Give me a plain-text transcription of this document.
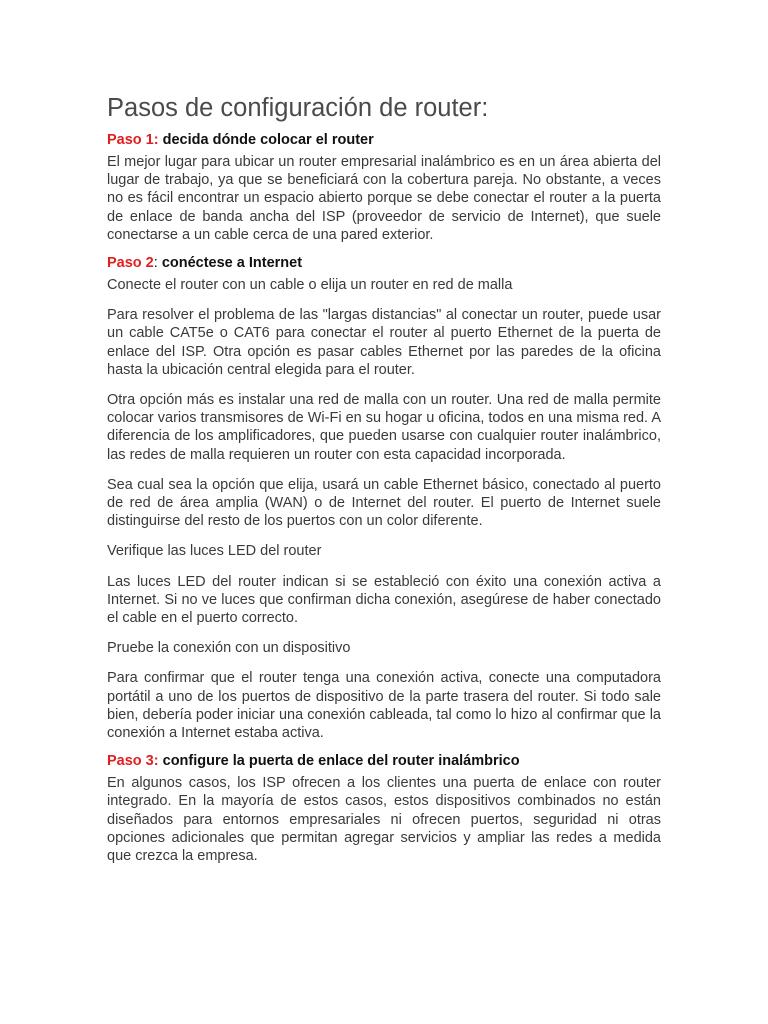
Pasos de configuración de router:
Paso 1: decida dónde colocar el router

El mejor lugar para ubicar un router empresarial inalámbrico es en un área abierta del lugar de trabajo, ya que se beneficiará con la cobertura pareja. No obstante, a veces no es fácil encontrar un espacio abierto porque se debe conectar el router a la puerta de enlace de banda ancha del ISP (proveedor de servicio de Internet), que suele conectarse a un cable cerca de una pared exterior.

Paso 2: conéctese a Internet

Conecte el router con un cable o elija un router en red de malla

Para resolver el problema de las "largas distancias" al conectar un router, puede usar un cable CAT5e o CAT6 para conectar el router al puerto Ethernet de la puerta de enlace del ISP. Otra opción es pasar cables Ethernet por las paredes de la oficina hasta la ubicación central elegida para el router.

Otra opción más es instalar una red de malla con un router. Una red de malla permite colocar varios transmisores de Wi-Fi en su hogar u oficina, todos en una misma red. A diferencia de los amplificadores, que pueden usarse con cualquier router inalámbrico, las redes de malla requieren un router con esta capacidad incorporada.

Sea cual sea la opción que elija, usará un cable Ethernet básico, conectado al puerto de red de área amplia (WAN) o de Internet del router. El puerto de Internet suele distinguirse del resto de los puertos con un color diferente.

Verifique las luces LED del router

Las luces LED del router indican si se estableció con éxito una conexión activa a Internet. Si no ve luces que confirman dicha conexión, asegúrese de haber conectado el cable en el puerto correcto.

Pruebe la conexión con un dispositivo

Para confirmar que el router tenga una conexión activa, conecte una computadora portátil a uno de los puertos de dispositivo de la parte trasera del router. Si todo sale bien, debería poder iniciar una conexión cableada, tal como lo hizo al confirmar que la conexión a Internet estaba activa.

Paso 3: configure la puerta de enlace del router inalámbrico

En algunos casos, los ISP ofrecen a los clientes una puerta de enlace con router integrado. En la mayoría de estos casos, estos dispositivos combinados no están diseñados para entornos empresariales ni ofrecen puertos, seguridad ni otras opciones adicionales que permitan agregar servicios y ampliar las redes a medida que crezca la empresa.
